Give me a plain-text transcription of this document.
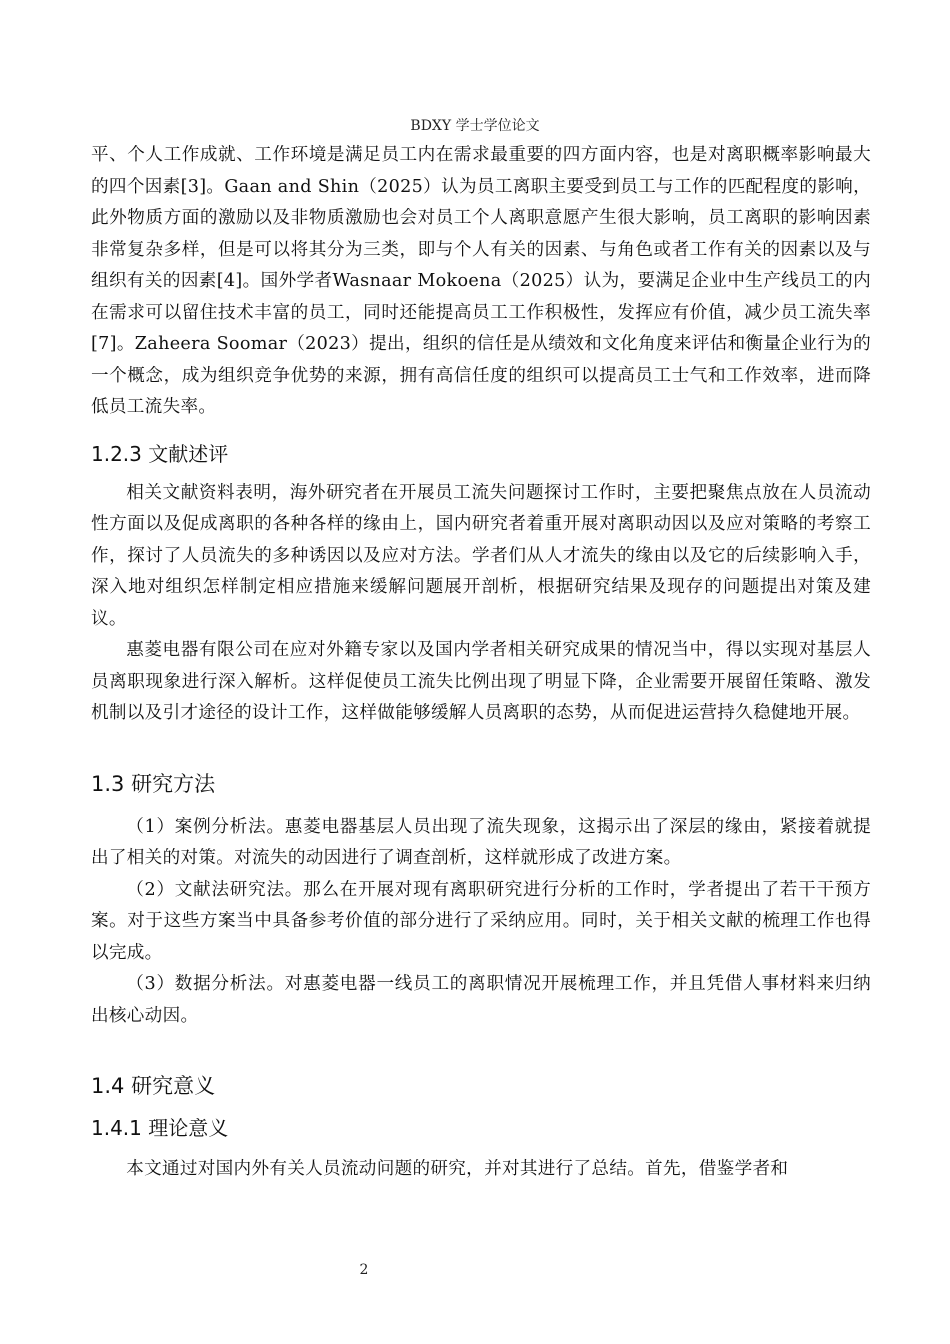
BDXY 学士学位论文

平、个人工作成就、工作环境是满足员工内在需求最重要的四方面内容，也是对离职概率影响最大的四个因素[3]。Gaan and Shin（2025）认为员工离职主要受到员工与工作的匹配程度的影响，此外物质方面的激励以及非物质激励也会对员工个人离职意愿产生很大影响，员工离职的影响因素非常复杂多样，但是可以将其分为三类，即与个人有关的因素、与角色或者工作有关的因素以及与组织有关的因素[4]。国外学者Wasnaar Mokoena（2025）认为，要满足企业中生产线员工的内在需求可以留住技术丰富的员工，同时还能提高员工工作积极性，发挥应有价值，减少员工流失率[7]。Zaheera Soomar（2023）提出，组织的信任是从绩效和文化角度来评估和衡量企业行为的一个概念，成为组织竞争优势的来源，拥有高信任度的组织可以提高员工士气和工作效率，进而降低员工流失率。

1.2.3 文献述评

相关文献资料表明，海外研究者在开展员工流失问题探讨工作时，主要把聚焦点放在人员流动性方面以及促成离职的各种各样的缘由上，国内研究者着重开展对离职动因以及应对策略的考察工作，探讨了人员流失的多种诱因以及应对方法。学者们从人才流失的缘由以及它的后续影响入手，深入地对组织怎样制定相应措施来缓解问题展开剖析，根据研究结果及现存的问题提出对策及建议。

惠菱电器有限公司在应对外籍专家以及国内学者相关研究成果的情况当中，得以实现对基层人员离职现象进行深入解析。这样促使员工流失比例出现了明显下降，企业需要开展留任策略、激发机制以及引才途径的设计工作，这样做能够缓解人员离职的态势，从而促进运营持久稳健地开展。

1.3 研究方法

（1）案例分析法。惠菱电器基层人员出现了流失现象，这揭示出了深层的缘由，紧接着就提出了相关的对策。对流失的动因进行了调查剖析，这样就形成了改进方案。

（2）文献法研究法。那么在开展对现有离职研究进行分析的工作时，学者提出了若干干预方案。对于这些方案当中具备参考价值的部分进行了采纳应用。同时，关于相关文献的梳理工作也得以完成。

（3）数据分析法。对惠菱电器一线员工的离职情况开展梳理工作，并且凭借人事材料来归纳出核心动因。

1.4 研究意义
1.4.1 理论意义

本文通过对国内外有关人员流动问题的研究，并对其进行了总结。首先，借鉴学者和

2
